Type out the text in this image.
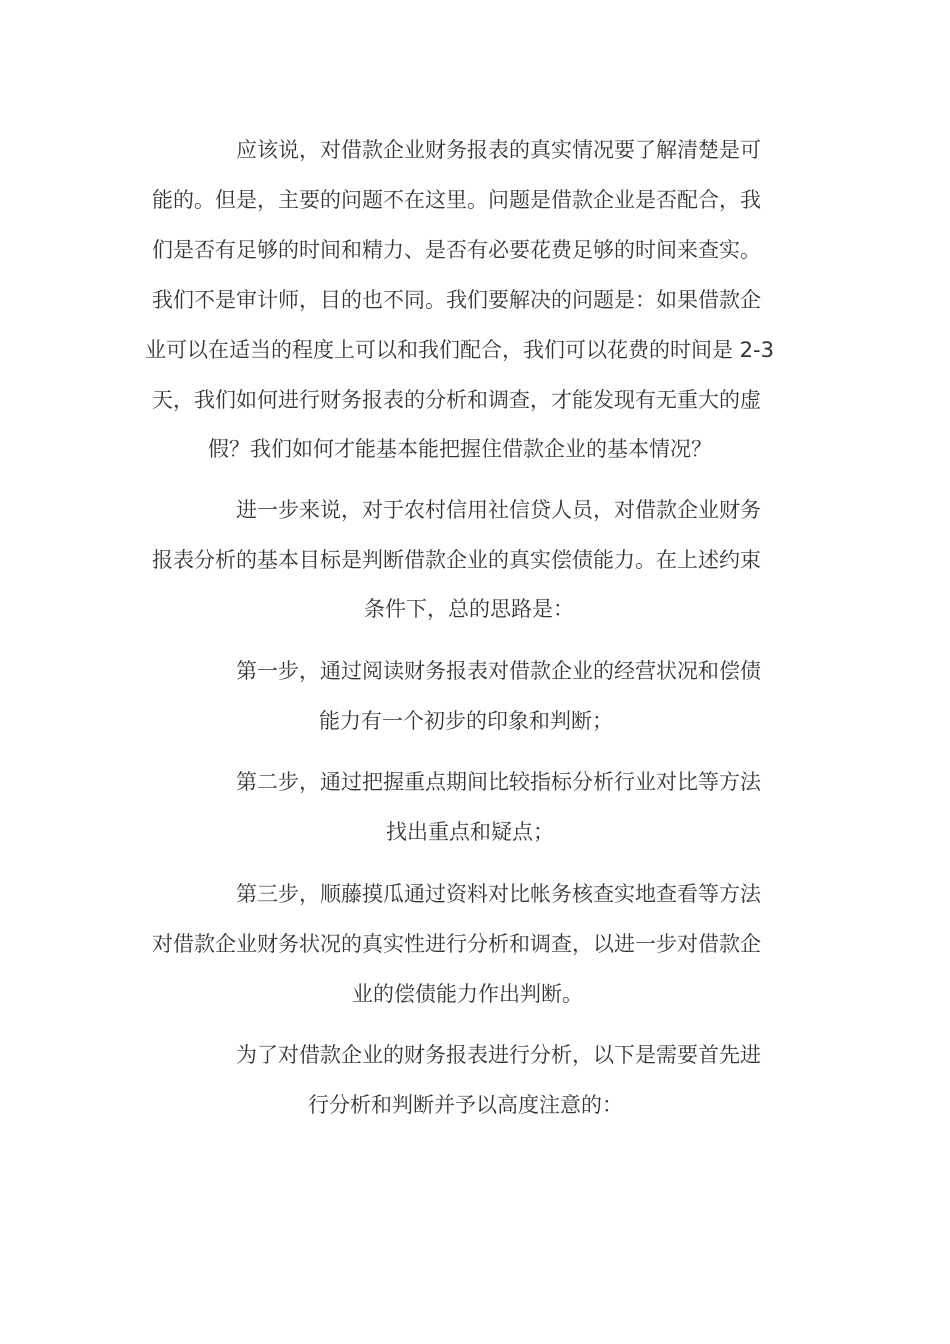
应该说，对借款企业财务报表的真实情况要了解清楚是可
能的。但是，主要的问题不在这里。问题是借款企业是否配合，我
们是否有足够的时间和精力、是否有必要花费足够的时间来查实。
我们不是审计师，目的也不同。我们要解决的问题是：如果借款企
业可以在适当的程度上可以和我们配合，我们可以花费的时间是 2-3
天，我们如何进行财务报表的分析和调查，才能发现有无重大的虚
假？我们如何才能基本能把握住借款企业的基本情况？
进一步来说，对于农村信用社信贷人员，对借款企业财务
报表分析的基本目标是判断借款企业的真实偿债能力。在上述约束
条件下，总的思路是：
第一步，通过阅读财务报表对借款企业的经营状况和偿债
能力有一个初步的印象和判断；
第二步，通过把握重点期间比较指标分析行业对比等方法
找出重点和疑点；
第三步，顺藤摸瓜通过资料对比帐务核查实地查看等方法
对借款企业财务状况的真实性进行分析和调查，以进一步对借款企
业的偿债能力作出判断。
为了对借款企业的财务报表进行分析，以下是需要首先进
行分析和判断并予以高度注意的：
